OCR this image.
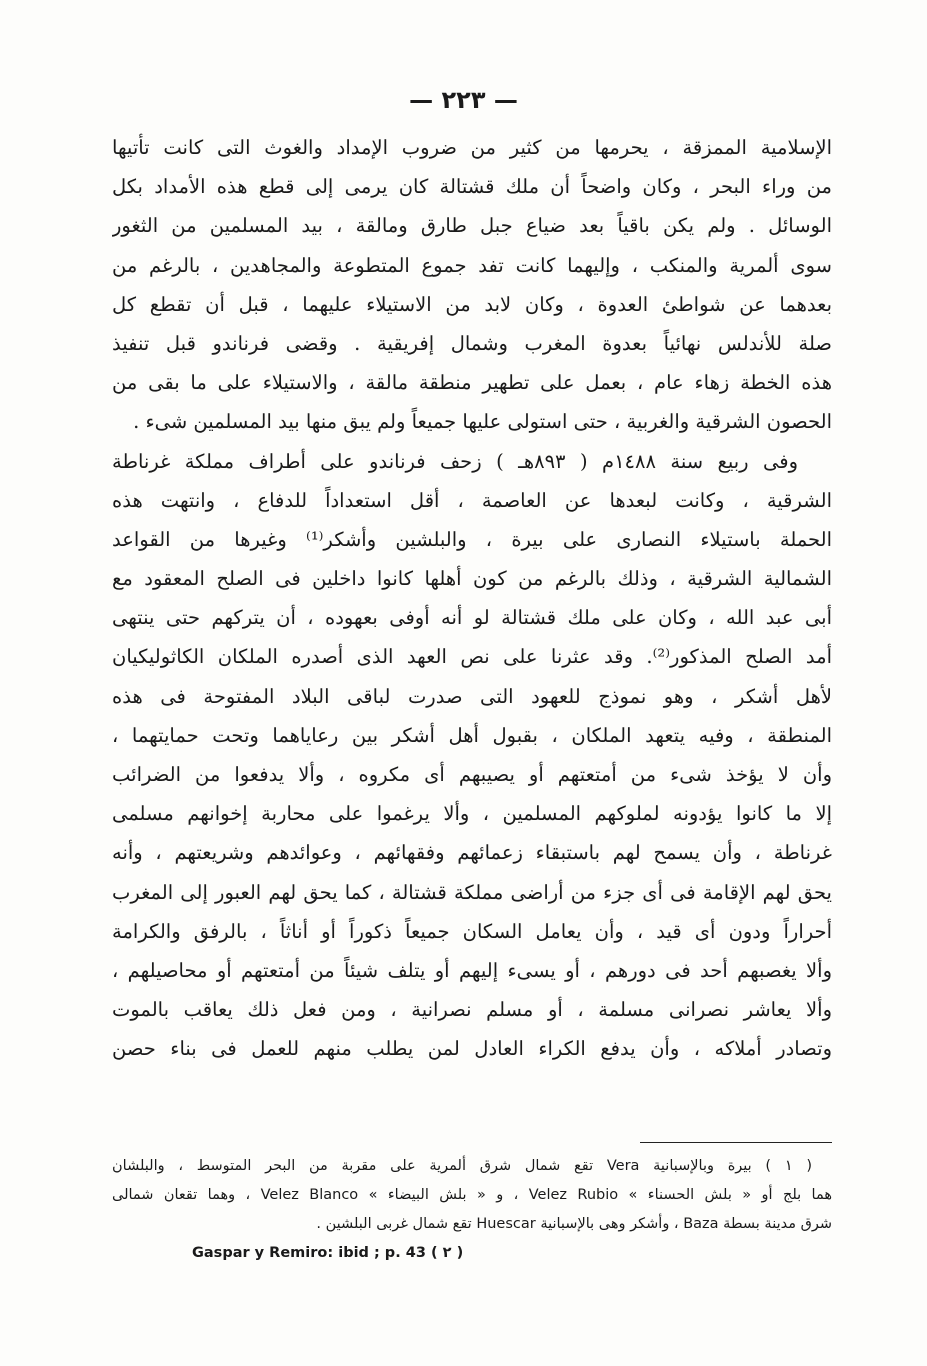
— ٢٢٣ —
الإسلامية الممزقة ، يحرمها من كثير من ضروب الإمداد والغوث التى كانت تأتيها
من وراء البحر ، وكان واضحاً أن ملك قشتالة كان يرمى إلى قطع هذه الأمداد بكل
الوسائل . ولم يكن باقياً بعد ضياع جبل طارق ومالقة ، بيد المسلمين من الثغور
سوى ألمرية والمنكب ، وإليهما كانت تفد جموع المتطوعة والمجاهدين ، بالرغم من
بعدهما عن شواطئ العدوة ، وكان لابد من الاستيلاء عليهما ، قبل أن تقطع كل
صلة للأندلس نهائياً بعدوة المغرب وشمال إفريقية . وقضى فرناندو قبل تنفيذ
هذه الخطة زهاء عام ، بعمل على تطهير منطقة مالقة ، والاستيلاء على ما بقى من
الحصون الشرقية والغربية ، حتى استولى عليها جميعاً ولم يبق منها بيد المسلمين شىء .
وفى ربيع سنة ١٤٨٨م ( ٨٩٣هـ ) زحف فرناندو على أطراف مملكة غرناطة
الشرقية ، وكانت لبعدها عن العاصمة ، أقل استعداداً للدفاع ، وانتهت هذه
الحملة باستيلاء النصارى على بيرة ، والبلشين وأشكر⁽¹⁾ وغيرها من القواعد
الشمالية الشرقية ، وذلك بالرغم من كون أهلها كانوا داخلين فى الصلح المعقود مع
أبى عبد الله ، وكان على ملك قشتالة لو أنه أوفى بعهوده ، أن يتركهم حتى ينتهى
أمد الصلح المذكور⁽²⁾. وقد عثرنا على نص العهد الذى أصدره الملكان الكاثوليكيان
لأهل أشكر ، وهو نموذج للعهود التى صدرت لباقى البلاد المفتوحة فى هذه
المنطقة ، وفيه يتعهد الملكان ، بقبول أهل أشكر بين رعاياهما وتحت حمايتهما ،
وأن لا يؤخذ شىء من أمتعتهم أو يصيبهم أى مكروه ، وألا يدفعوا من الضرائب
إلا ما كانوا يؤدونه لملوكهم المسلمين ، وألا يرغموا على محاربة إخوانهم مسلمى
غرناطة ، وأن يسمح لهم باستبقاء زعمائهم وفقهائهم ، وعوائدهم وشريعتهم ، وأنه
يحق لهم الإقامة فى أى جزء من أراضى مملكة قشتالة ، كما يحق لهم العبور إلى المغرب
أحراراً ودون أى قيد ، وأن يعامل السكان جميعاً ذكوراً أو أناثاً ، بالرفق والكرامة
وألا يغصبهم أحد فى دورهم ، أو يسىء إليهم أو يتلف شيئاً من أمتعتهم أو محاصيلهم ،
وألا يعاشر نصرانى مسلمة ، أو مسلم نصرانية ، ومن فعل ذلك يعاقب بالموت
وتصادر أملاكه ، وأن يدفع الكراء العادل لمن يطلب منهم للعمل فى بناء حصن
( ١ ) بيرة وبالإسبانية Vera تقع شمال شرق ألمرية على مقربة من البحر المتوسط ، والبلشان
هما بلج أو « بلش الحسناء » Velez Rubio ، و « بلش البيضاء » Velez Blanco ، وهما تقعان شمالى
شرق مدينة بسطة Baza ، وأشكر وهى بالإسبانية Huescar تقع شمال غربى البلشين .
Gaspar y Remiro: ibid ; p. 43 ( ٢ )
